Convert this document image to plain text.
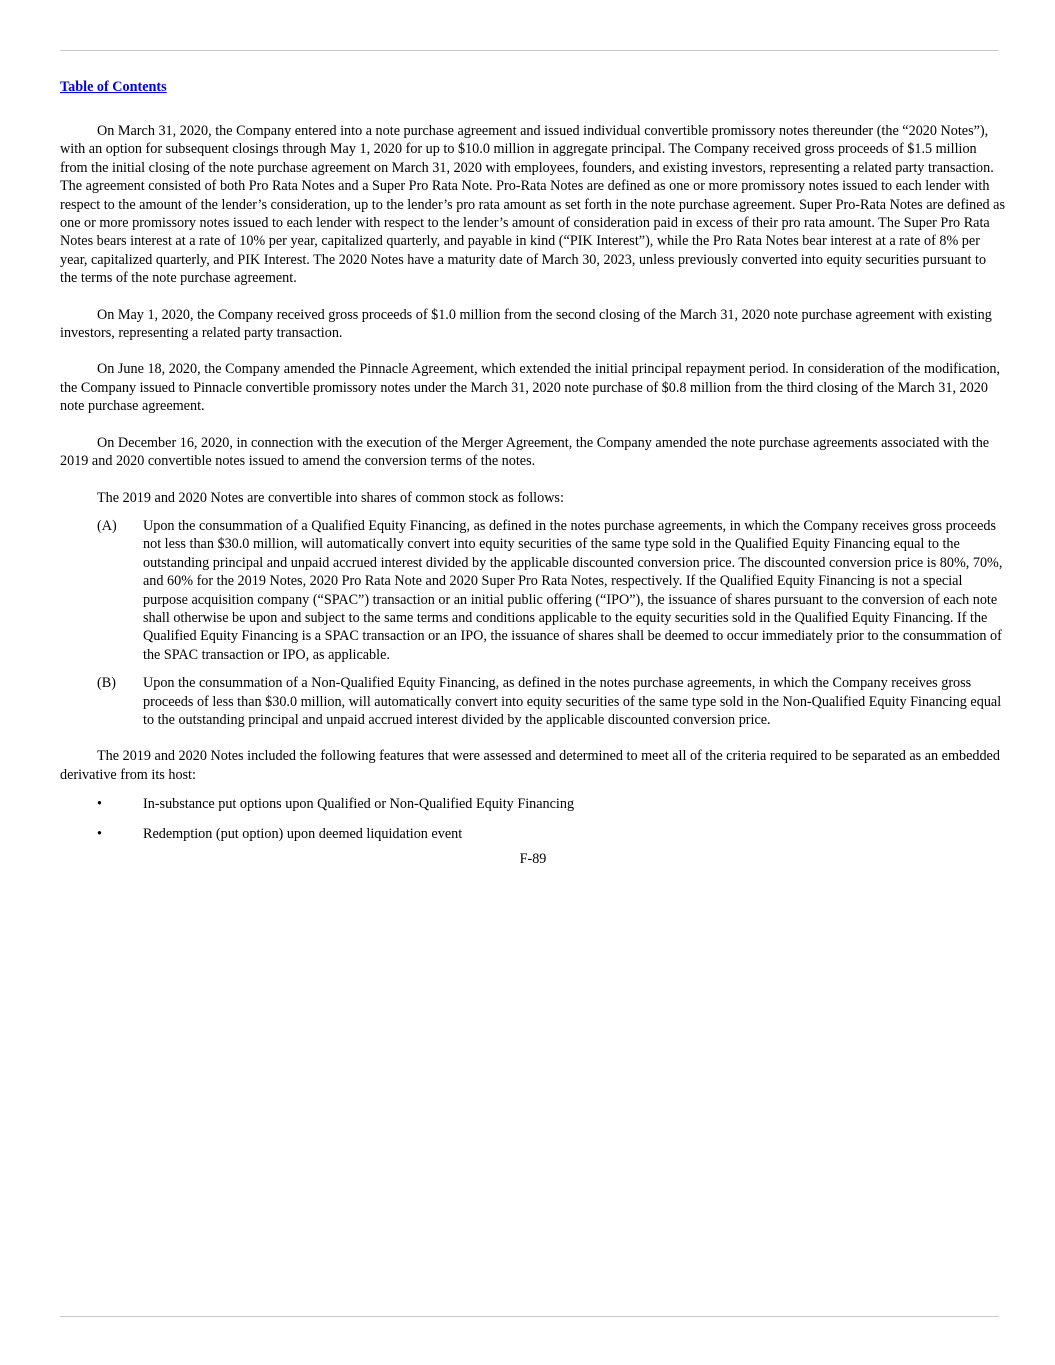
Table of Contents

On March 31, 2020, the Company entered into a note purchase agreement and issued individual convertible promissory notes thereunder (the “2020 Notes”), with an option for subsequent closings through May 1, 2020 for up to $10.0 million in aggregate principal. The Company received gross proceeds of $1.5 million from the initial closing of the note purchase agreement on March 31, 2020 with employees, founders, and existing investors, representing a related party transaction. The agreement consisted of both Pro Rata Notes and a Super Pro Rata Note. Pro-Rata Notes are defined as one or more promissory notes issued to each lender with respect to the amount of the lender’s consideration, up to the lender’s pro rata amount as set forth in the note purchase agreement. Super Pro-Rata Notes are defined as one or more promissory notes issued to each lender with respect to the lender’s amount of consideration paid in excess of their pro rata amount. The Super Pro Rata Notes bears interest at a rate of 10% per year, capitalized quarterly, and payable in kind (“PIK Interest”), while the Pro Rata Notes bear interest at a rate of 8% per year, capitalized quarterly, and PIK Interest. The 2020 Notes have a maturity date of March 30, 2023, unless previously converted into equity securities pursuant to the terms of the note purchase agreement.

On May 1, 2020, the Company received gross proceeds of $1.0 million from the second closing of the March 31, 2020 note purchase agreement with existing investors, representing a related party transaction.

On June 18, 2020, the Company amended the Pinnacle Agreement, which extended the initial principal repayment period. In consideration of the modification, the Company issued to Pinnacle convertible promissory notes under the March 31, 2020 note purchase of $0.8 million from the third closing of the March 31, 2020 note purchase agreement.

On December 16, 2020, in connection with the execution of the Merger Agreement, the Company amended the note purchase agreements associated with the 2019 and 2020 convertible notes issued to amend the conversion terms of the notes.

The 2019 and 2020 Notes are convertible into shares of common stock as follows:

(A)	Upon the consummation of a Qualified Equity Financing, as defined in the notes purchase agreements, in which the Company receives gross proceeds not less than $30.0 million, will automatically convert into equity securities of the same type sold in the Qualified Equity Financing equal to the outstanding principal and unpaid accrued interest divided by the applicable discounted conversion price. The discounted conversion price is 80%, 70%, and 60% for the 2019 Notes, 2020 Pro Rata Note and 2020 Super Pro Rata Notes, respectively. If the Qualified Equity Financing is not a special purpose acquisition company (“SPAC”) transaction or an initial public offering (“IPO”), the issuance of shares pursuant to the conversion of each note shall otherwise be upon and subject to the same terms and conditions applicable to the equity securities sold in the Qualified Equity Financing. If the Qualified Equity Financing is a SPAC transaction or an IPO, the issuance of shares shall be deemed to occur immediately prior to the consummation of the SPAC transaction or IPO, as applicable.
(B)	Upon the consummation of a Non-Qualified Equity Financing, as defined in the notes purchase agreements, in which the Company receives gross proceeds of less than $30.0 million, will automatically convert into equity securities of the same type sold in the Non-Qualified Equity Financing equal to the outstanding principal and unpaid accrued interest divided by the applicable discounted conversion price.

The 2019 and 2020 Notes included the following features that were assessed and determined to meet all of the criteria required to be separated as an embedded derivative from its host:

•	In-substance put options upon Qualified or Non-Qualified Equity Financing
•	Redemption (put option) upon deemed liquidation event
F-89
